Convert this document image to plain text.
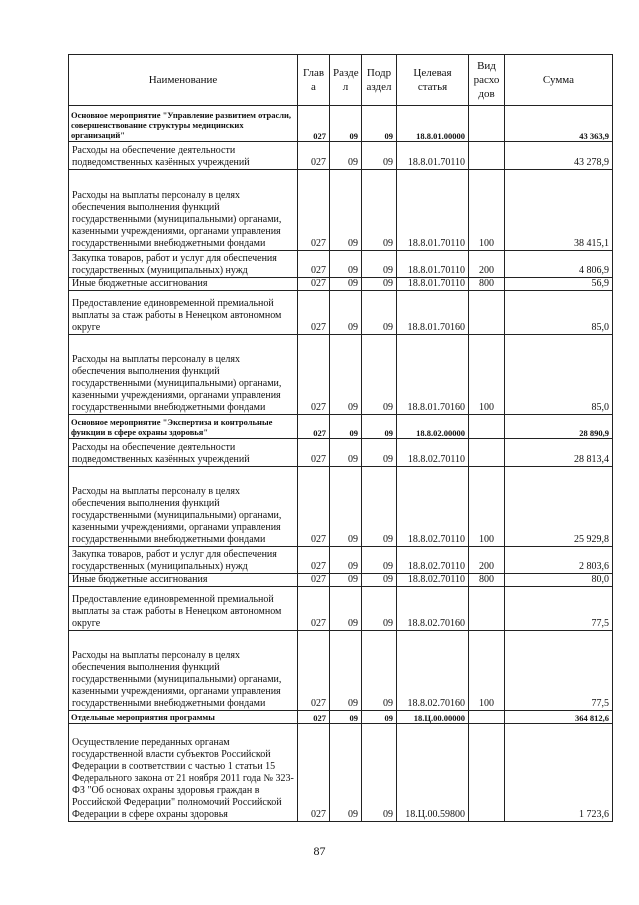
Наименование	Глав а	Разде л	Подр аздел	Целевая статья	Вид расхо дов	Сумма
Основное мероприятие "Управление развитием отрасли, совершенствование структуры медицинских организаций"	027	09	09	18.8.01.00000		43 363,9
Расходы на обеспечение деятельности подведомственных казённых учреждений	027	09	09	18.8.01.70110		43 278,9
Расходы на выплаты персоналу в целях обеспечения выполнения функций государственными (муниципальными) органами, казенными учреждениями, органами управления государственными внебюджетными фондами	027	09	09	18.8.01.70110	100	38 415,1
Закупка товаров, работ и услуг для обеспечения государственных (муниципальных) нужд	027	09	09	18.8.01.70110	200	4 806,9
Иные бюджетные ассигнования	027	09	09	18.8.01.70110	800	56,9
Предоставление единовременной премиальной выплаты за стаж работы в Ненецком автономном округе	027	09	09	18.8.01.70160		85,0
Расходы на выплаты персоналу в целях обеспечения выполнения функций государственными (муниципальными) органами, казенными учреждениями, органами управления государственными внебюджетными фондами	027	09	09	18.8.01.70160	100	85,0
Основное мероприятие "Экспертиза и контрольные функции в сфере охраны здоровья"	027	09	09	18.8.02.00000		28 890,9
Расходы на обеспечение деятельности подведомственных казённых учреждений	027	09	09	18.8.02.70110		28 813,4
Расходы на выплаты персоналу в целях обеспечения выполнения функций государственными (муниципальными) органами, казенными учреждениями, органами управления государственными внебюджетными фондами	027	09	09	18.8.02.70110	100	25 929,8
Закупка товаров, работ и услуг для обеспечения государственных (муниципальных) нужд	027	09	09	18.8.02.70110	200	2 803,6
Иные бюджетные ассигнования	027	09	09	18.8.02.70110	800	80,0
Предоставление единовременной премиальной выплаты за стаж работы в Ненецком автономном округе	027	09	09	18.8.02.70160		77,5
Расходы на выплаты персоналу в целях обеспечения выполнения функций государственными (муниципальными) органами, казенными учреждениями, органами управления государственными внебюджетными фондами	027	09	09	18.8.02.70160	100	77,5
Отдельные мероприятия программы	027	09	09	18.Ц.00.00000		364 812,6
Осуществление переданных органам государственной власти субъектов Российской Федерации в соответствии с частью 1 статьи 15 Федерального закона от 21 ноября 2011 года № 323-ФЗ "Об основах охраны здоровья граждан в Российской Федерации" полномочий Российской Федерации в сфере охраны здоровья	027	09	09	18.Ц.00.59800		1 723,6
87
